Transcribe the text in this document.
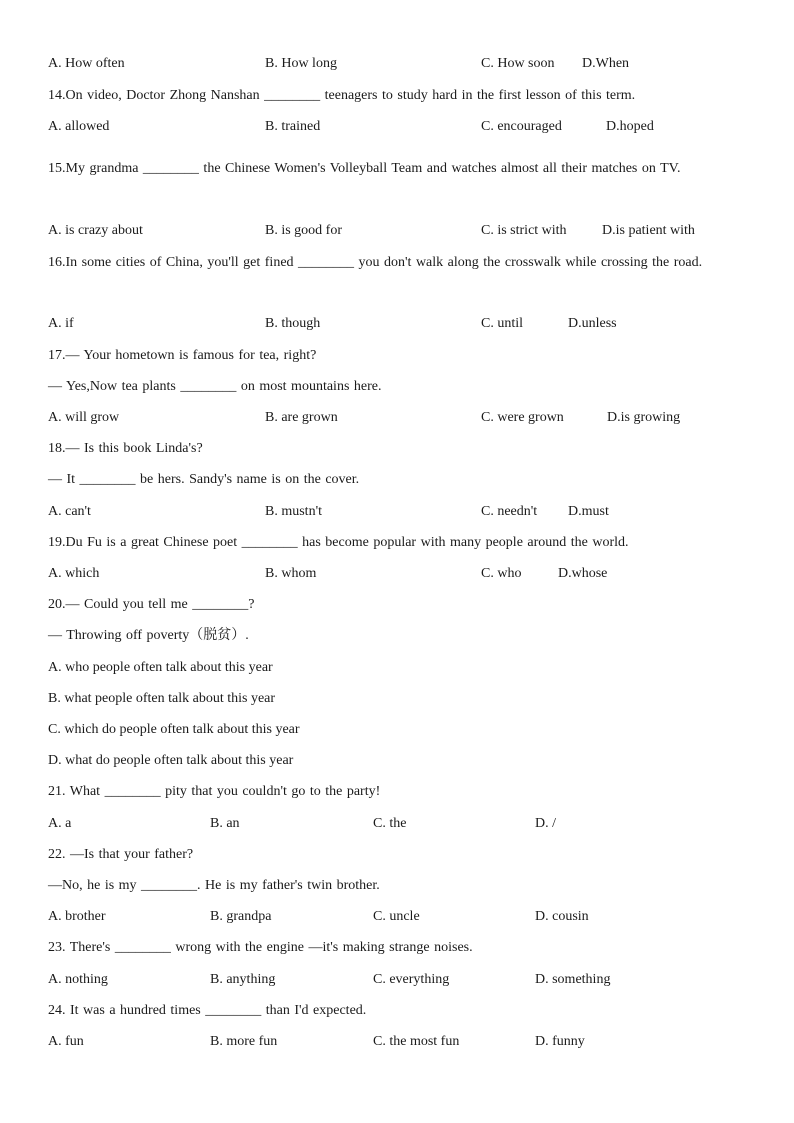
A. How often	B. How long	C. How soon D.When
14.On video, Doctor Zhong Nanshan ________ teenagers to study hard in the first lesson of this term.
A. allowed	B. trained	C. encouraged	D.hoped
15.My grandma ________ the Chinese Women's Volleyball Team and watches almost all their matches on TV.
A. is crazy about	B. is good for	C. is strict with	D.is patient with
16.In some cities of China, you'll get fined ________ you don't walk along the crosswalk while crossing the road.
A. if	B. though	C. until	D.unless
17.— Your hometown is famous for tea, right?
— Yes,Now tea plants ________ on most mountains here.
A. will grow	B. are grown	C. were grown	D.is growing
18.— Is this book Linda's?
— It ________ be hers. Sandy's name is on the cover.
A. can't	B. mustn't	C. needn't D.must
19.Du Fu is a great Chinese poet ________ has become popular with many people around the world.
A. which	B. whom	C. who	D.whose
20.— Could you tell me ________?
— Throwing off poverty（脱贫）.
A. who people often talk about this year
B. what people often talk about this year
C. which do people often talk about this year
D. what do people often talk about this year
21. What ________ pity that you couldn't go to the party!
A. a	B. an	C. the	D. /
22. —Is that your father?
—No, he is my ________. He is my father's twin brother.
A. brother	B. grandpa	C. uncle	D. cousin
23. There's ________ wrong with the engine —it's making strange noises.
A. nothing	B. anything	C. everything	D. something
24. It was a hundred times ________ than I'd expected.
A. fun	B. more fun	C. the most fun	D. funny
